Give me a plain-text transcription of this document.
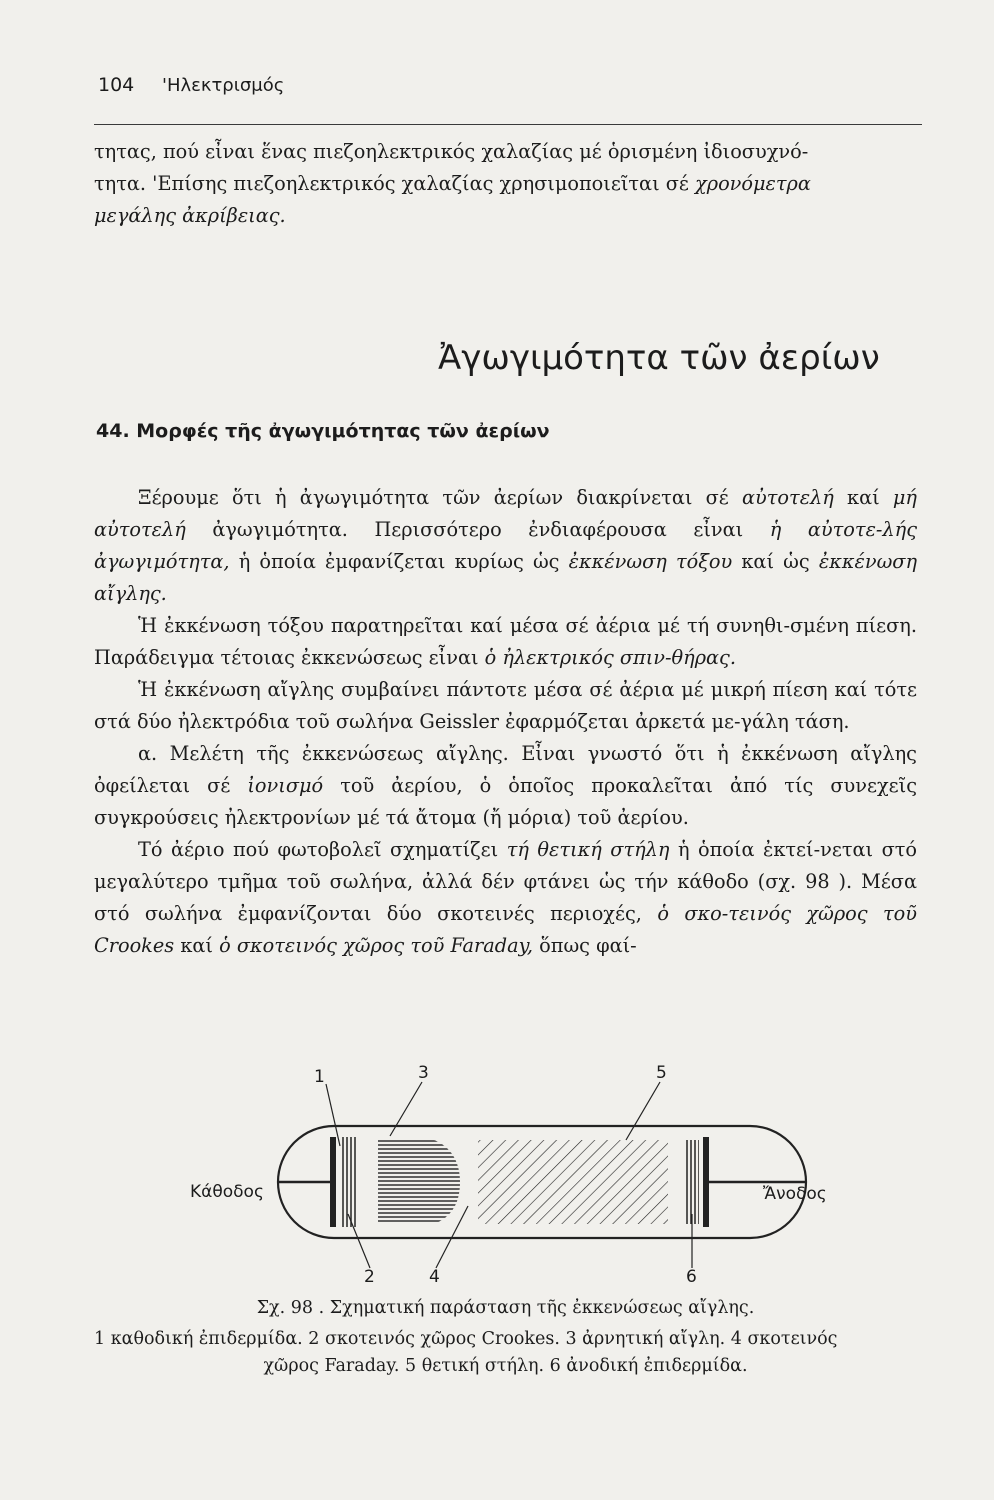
104 'Ηλεκτρισμός

τητας, πού εἶναι ἕνας πιεζοηλεκτρικός χαλαζίας μέ ὁρισμένη ἰδιοσυχνό-
τητα. 'Επίσης πιεζοηλεκτρικός χαλαζίας χρησιμοποιεῖται σέ χρονόμετρα
μεγάλης ἀκρίβειας.

Ἀγωγιμότητα τῶν ἀερίων
44. Μορφές τῆς ἀγωγιμότητας τῶν ἀερίων

Ξέρουμε ὅτι ἡ ἀγωγιμότητα τῶν ἀερίων διακρίνεται σέ αὐτοτελή καί μή αὐτοτελή ἀγωγιμότητα. Περισσότερο ἐνδιαφέρουσα εἶναι ἡ αὐτοτε-λής ἀγωγιμότητα, ἡ ὁποία ἐμφανίζεται κυρίως ὡς ἐκκένωση τόξου καί ὡς ἐκκένωση αἴγλης.

Ἡ ἐκκένωση τόξου παρατηρεῖται καί μέσα σέ ἀέρια μέ τή συνηθι-σμένη πίεση. Παράδειγμα τέτοιας ἐκκενώσεως εἶναι ὁ ἠλεκτρικός σπιν-θήρας.

Ἡ ἐκκένωση αἴγλης συμβαίνει πάντοτε μέσα σέ ἀέρια μέ μικρή πίεση καί τότε στά δύο ἠλεκτρόδια τοῦ σωλήνα Geissler ἐφαρμόζεται ἀρκετά με-γάλη τάση.

α. Μελέτη τῆς ἐκκενώσεως αἴγλης. Εἶναι γνωστό ὅτι ἡ ἐκκένωση αἴγλης ὀφείλεται σέ ἰονισμό τοῦ ἀερίου, ὁ ὁποῖος προκαλεῖται ἀπό τίς συνεχεῖς συγκρούσεις ἠλεκτρονίων μέ τά ἄτομα (ἤ μόρια) τοῦ ἀερίου.

Τό ἀέριο πού φωτοβολεῖ σχηματίζει τή θετική στήλη ἡ ὁποία ἐκτεί-νεται στό μεγαλύτερο τμῆμα τοῦ σωλήνα, ἀλλά δέν φτάνει ὡς τήν κάθοδο (σχ. 98 ). Μέσα στό σωλήνα ἐμφανίζονται δύο σκοτεινές περιοχές, ὁ σκο-τεινός χῶρος τοῦ Crookes καί ὁ σκοτεινός χῶρος τοῦ Faraday, ὅπως φαί-

Κάθοδος	Ἄνοδος
1
2
3
4
5
6
Σχ. 98 . Σχηματική παράσταση τῆς ἐκκενώσεως αἴγλης.
1 καθοδική ἐπιδερμίδα. 2 σκοτεινός χῶρος Crookes. 3 ἀρνητική αἴγλη. 4 σκοτεινός
χῶρος Faraday. 5 θετική στήλη. 6 ἀνοδική ἐπιδερμίδα.
